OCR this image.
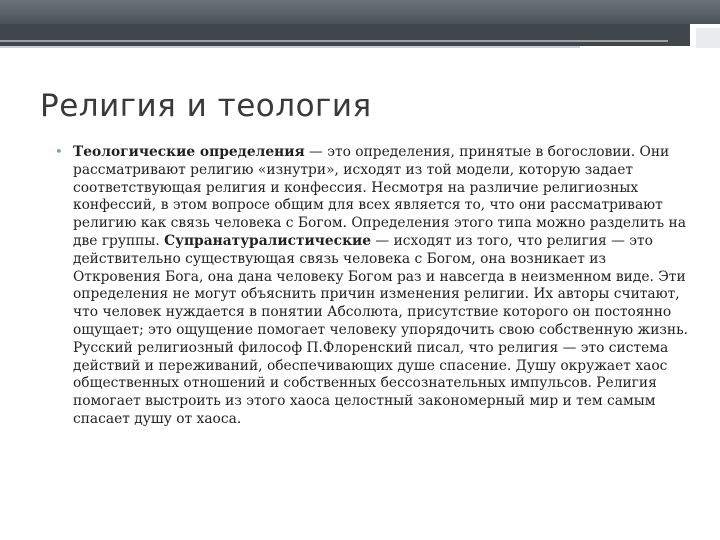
Религия и теология
• Теологические определения — это определения, принятые в богословии. Они рассматривают религию «изнутри», исходят из той модели, которую задает соответствующая религия и конфессия. Несмотря на различие религиозных конфессий, в этом вопросе общим для всех является то, что они рассматривают религию как связь человека с Богом. Определения этого типа можно разделить на две группы. Супранатуралистические — исходят из того, что религия — это действительно существующая связь человека с Богом, она возникает из Откровения Бога, она дана человеку Богом раз и навсегда в неизменном виде. Эти определения не могут объяснить причин изменения религии. Их авторы считают, что человек нуждается в понятии Абсолюта, присутствие которого он постоянно ощущает; это ощущение помогает человеку упорядочить свою собственную жизнь. Русский религиозный философ П.Флоренский писал, что религия — это система действий и переживаний, обеспечивающих душе спасение. Душу окружает хаос общественных отношений и собственных бессознательных импульсов. Религия помогает выстроить из этого хаоса целостный закономерный мир и тем самым спасает душу от хаоса.
